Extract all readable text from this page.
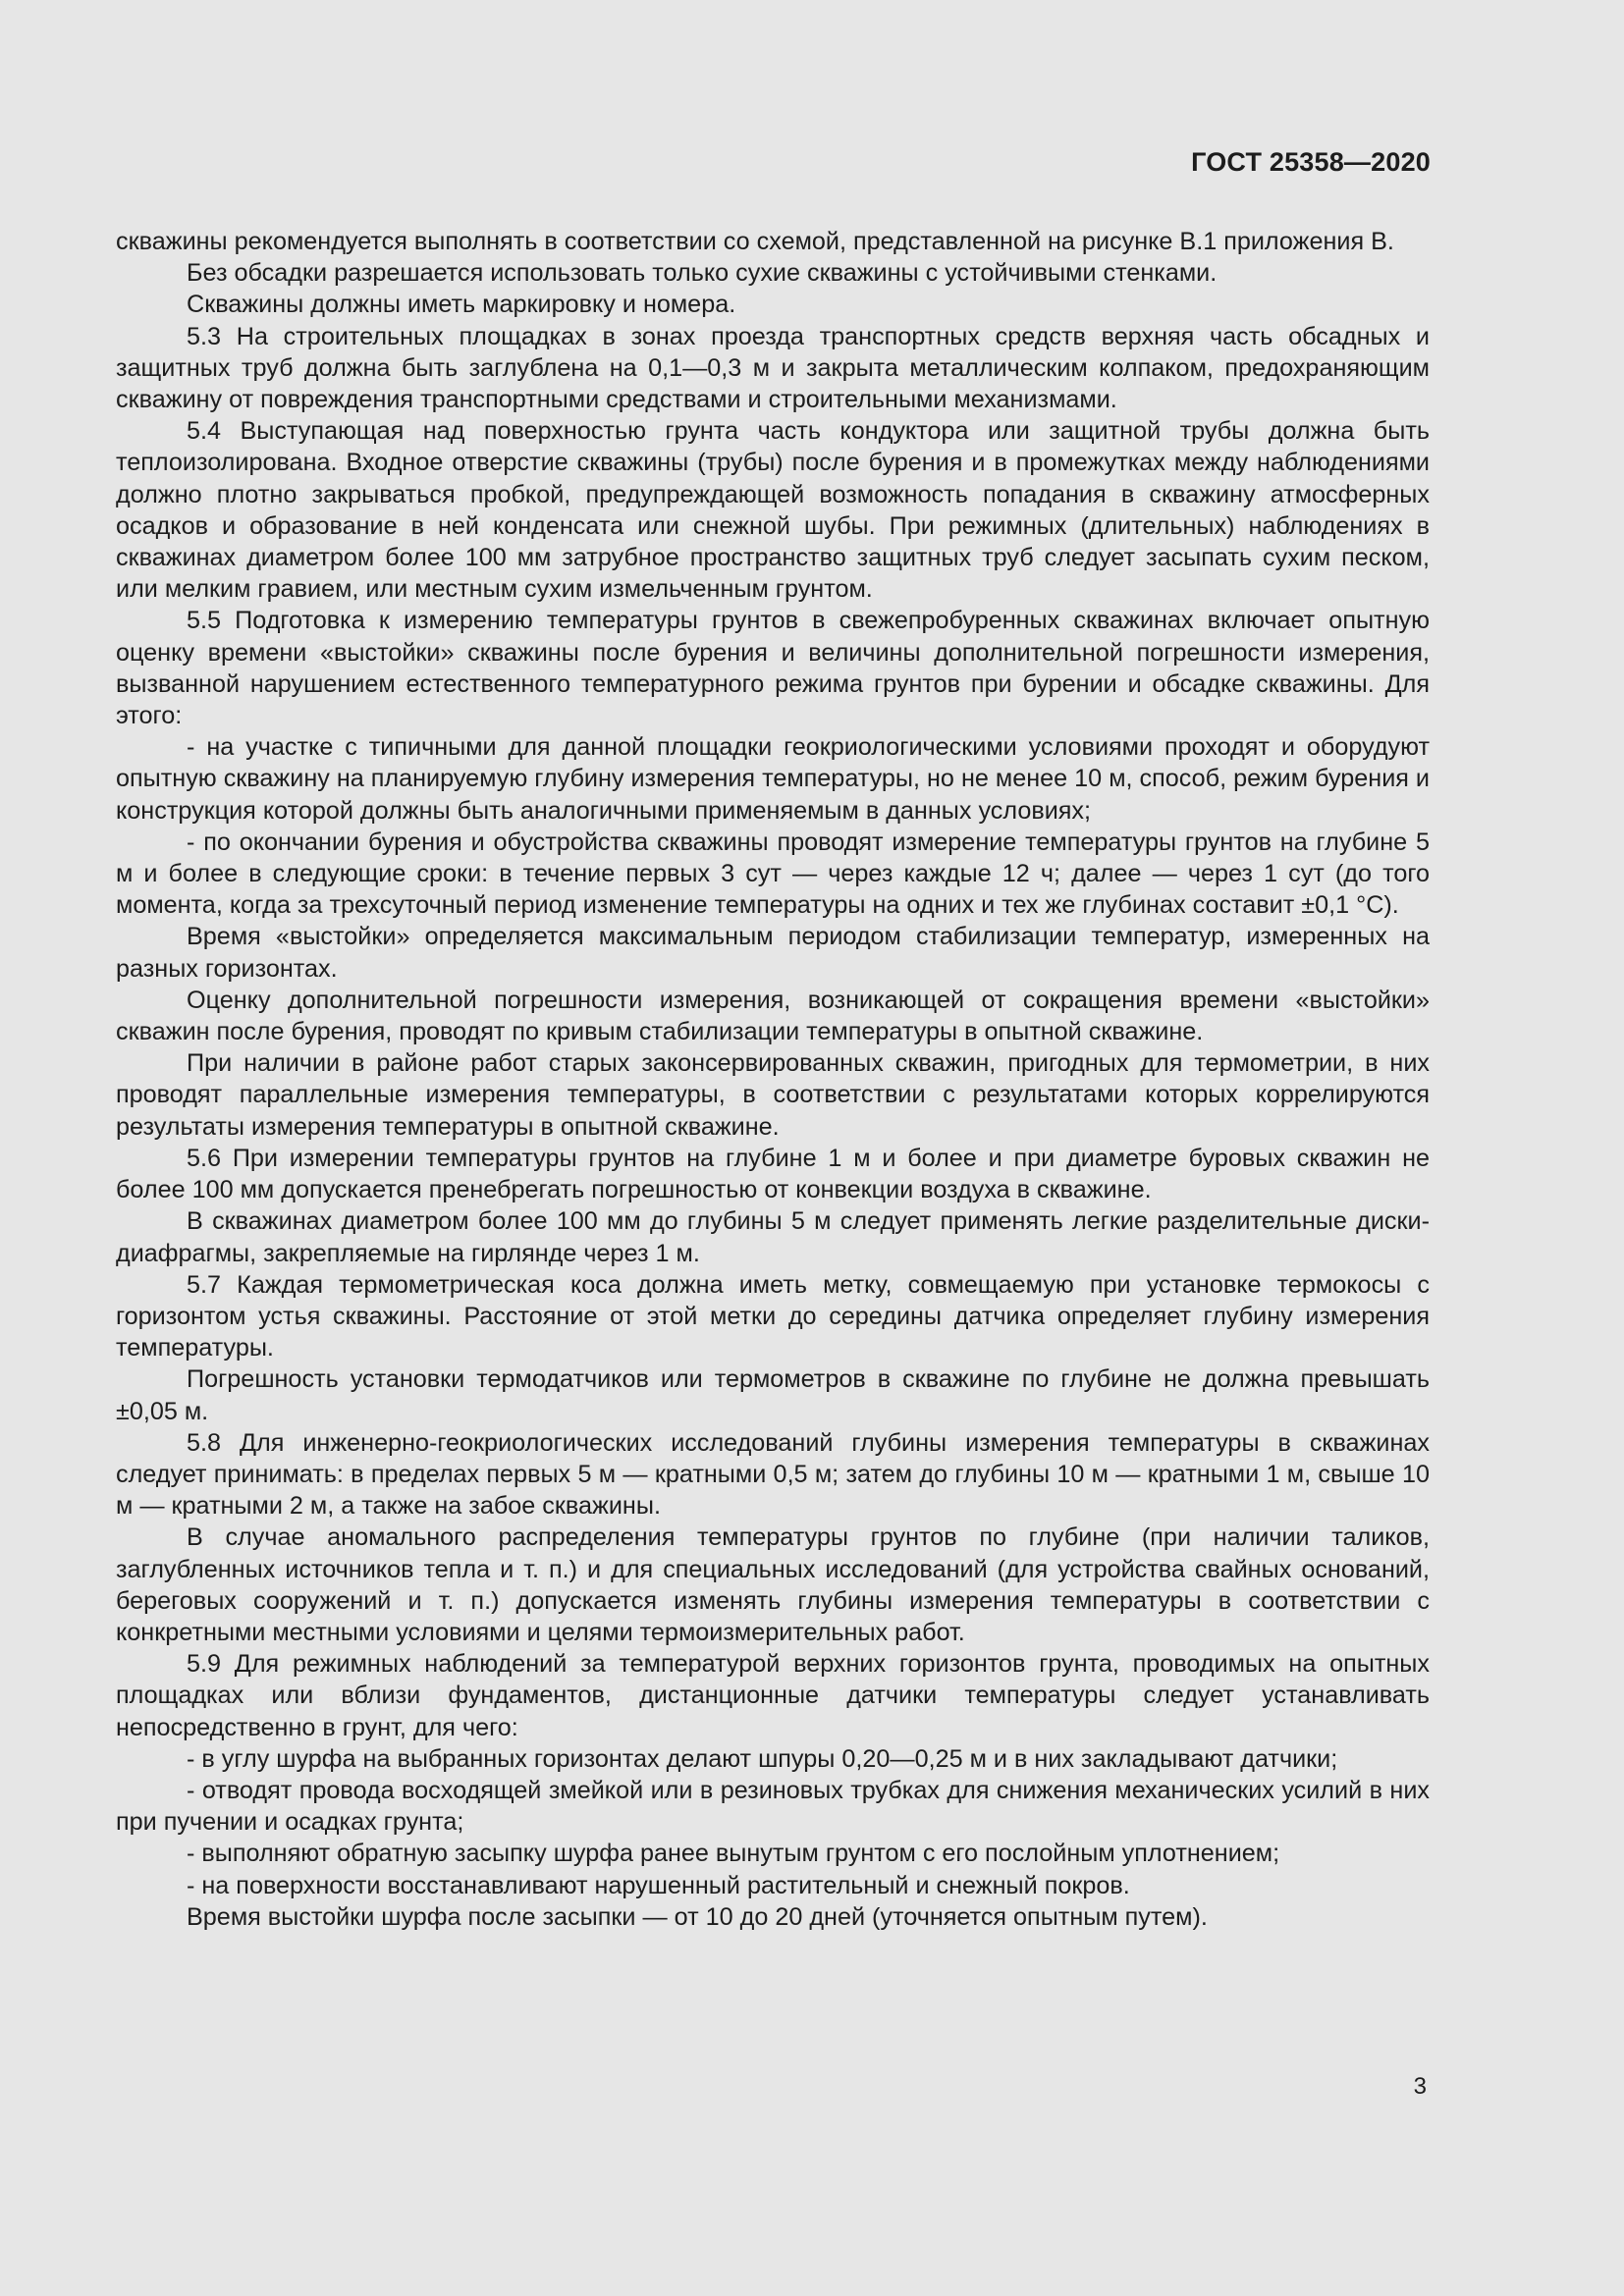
ГОСТ 25358—2020

скважины рекомендуется выполнять в соответствии со схемой, представленной на рисунке В.1 приложения В.

Без обсадки разрешается использовать только сухие скважины с устойчивыми стенками.

Скважины должны иметь маркировку и номера.

5.3 На строительных площадках в зонах проезда транспортных средств верхняя часть обсадных и защитных труб должна быть заглублена на 0,1—0,3 м и закрыта металлическим колпаком, предохраняющим скважину от повреждения транспортными средствами и строительными механизмами.

5.4 Выступающая над поверхностью грунта часть кондуктора или защитной трубы должна быть теплоизолирована. Входное отверстие скважины (трубы) после бурения и в промежутках между наблюдениями должно плотно закрываться пробкой, предупреждающей возможность попадания в скважину атмосферных осадков и образование в ней конденсата или снежной шубы. При режимных (длительных) наблюдениях в скважинах диаметром более 100 мм затрубное пространство защитных труб следует засыпать сухим песком, или мелким гравием, или местным сухим измельченным грунтом.

5.5 Подготовка к измерению температуры грунтов в свежепробуренных скважинах включает опытную оценку времени «выстойки» скважины после бурения и величины дополнительной погрешности измерения, вызванной нарушением естественного температурного режима грунтов при бурении и обсадке скважины. Для этого:

- на участке с типичными для данной площадки геокриологическими условиями проходят и оборудуют опытную скважину на планируемую глубину измерения температуры, но не менее 10 м, способ, режим бурения и конструкция которой должны быть аналогичными применяемым в данных условиях;

- по окончании бурения и обустройства скважины проводят измерение температуры грунтов на глубине 5 м и более в следующие сроки: в течение первых 3 сут — через каждые 12 ч; далее — через 1 сут (до того момента, когда за трехсуточный период изменение температуры на одних и тех же глубинах составит ±0,1 °С).

Время «выстойки» определяется максимальным периодом стабилизации температур, измеренных на разных горизонтах.

Оценку дополнительной погрешности измерения, возникающей от сокращения времени «выстойки» скважин после бурения, проводят по кривым стабилизации температуры в опытной скважине.

При наличии в районе работ старых законсервированных скважин, пригодных для термометрии, в них проводят параллельные измерения температуры, в соответствии с результатами которых коррелируются результаты измерения температуры в опытной скважине.

5.6 При измерении температуры грунтов на глубине 1 м и более и при диаметре буровых скважин не более 100 мм допускается пренебрегать погрешностью от конвекции воздуха в скважине.

В скважинах диаметром более 100 мм до глубины 5 м следует применять легкие разделительные диски-диафрагмы, закрепляемые на гирлянде через 1 м.

5.7 Каждая термометрическая коса должна иметь метку, совмещаемую при установке термокосы с горизонтом устья скважины. Расстояние от этой метки до середины датчика определяет глубину измерения температуры.

Погрешность установки термодатчиков или термометров в скважине по глубине не должна превышать ±0,05 м.

5.8 Для инженерно-геокриологических исследований глубины измерения температуры в скважинах следует принимать: в пределах первых 5 м — кратными 0,5 м; затем до глубины 10 м — кратными 1 м, свыше 10 м — кратными 2 м, а также на забое скважины.

В случае аномального распределения температуры грунтов по глубине (при наличии таликов, заглубленных источников тепла и т. п.) и для специальных исследований (для устройства свайных оснований, береговых сооружений и т. п.) допускается изменять глубины измерения температуры в соответствии с конкретными местными условиями и целями термоизмерительных работ.

5.9 Для режимных наблюдений за температурой верхних горизонтов грунта, проводимых на опытных площадках или вблизи фундаментов, дистанционные датчики температуры следует устанавливать непосредственно в грунт, для чего:

- в углу шурфа на выбранных горизонтах делают шпуры 0,20—0,25 м и в них закладывают датчики;

- отводят провода восходящей змейкой или в резиновых трубках для снижения механических усилий в них при пучении и осадках грунта;

- выполняют обратную засыпку шурфа ранее вынутым грунтом с его послойным уплотнением;

- на поверхности восстанавливают нарушенный растительный и снежный покров.

Время выстойки шурфа после засыпки — от 10 до 20 дней (уточняется опытным путем).

3
